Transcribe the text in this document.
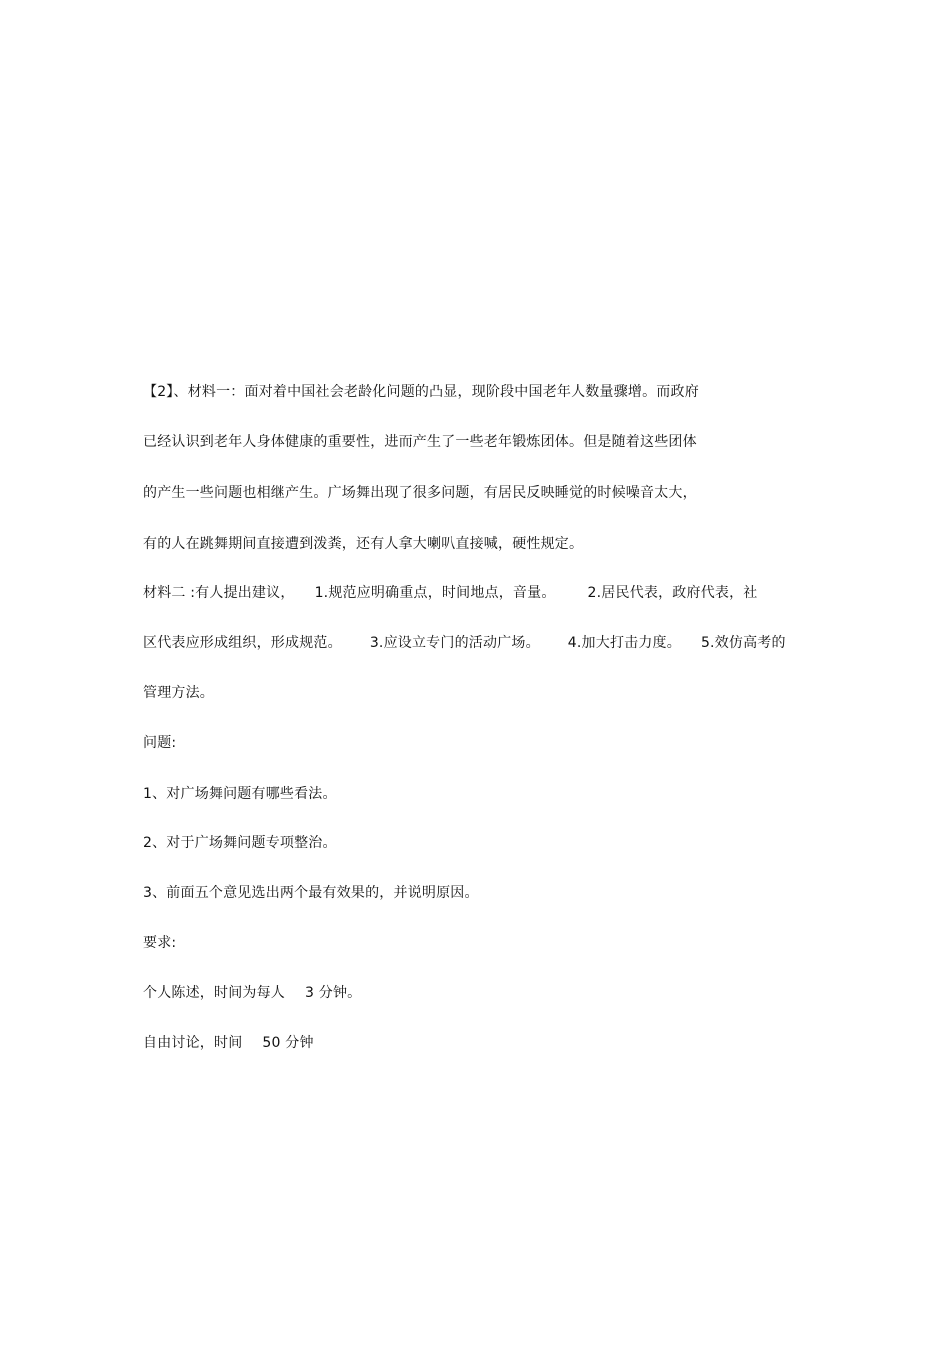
【2】、材料一：面对着中国社会老龄化问题的凸显，现阶段中国老年人数量骤增。而政府
已经认识到老年人身体健康的重要性，进而产生了一些老年锻炼团体。但是随着这些团体
的产生一些问题也相继产生。广场舞出现了很多问题，有居民反映睡觉的时候噪音太大，
有的人在跳舞期间直接遭到泼粪，还有人拿大喇叭直接喊，硬性规定。
材料二 :有人提出建议， 1.规范应明确重点，时间地点，音量。 2.居民代表，政府代表，社
区代表应形成组织，形成规范。 3.应设立专门的活动广场。 4.加大打击力度。 5.效仿高考的
管理方法。
问题:
1、对广场舞问题有哪些看法。
2、对于广场舞问题专项整治。
3、前面五个意见选出两个最有效果的，并说明原因。
要求:
个人陈述，时间为每人 3 分钟。
自由讨论，时间 50 分钟
